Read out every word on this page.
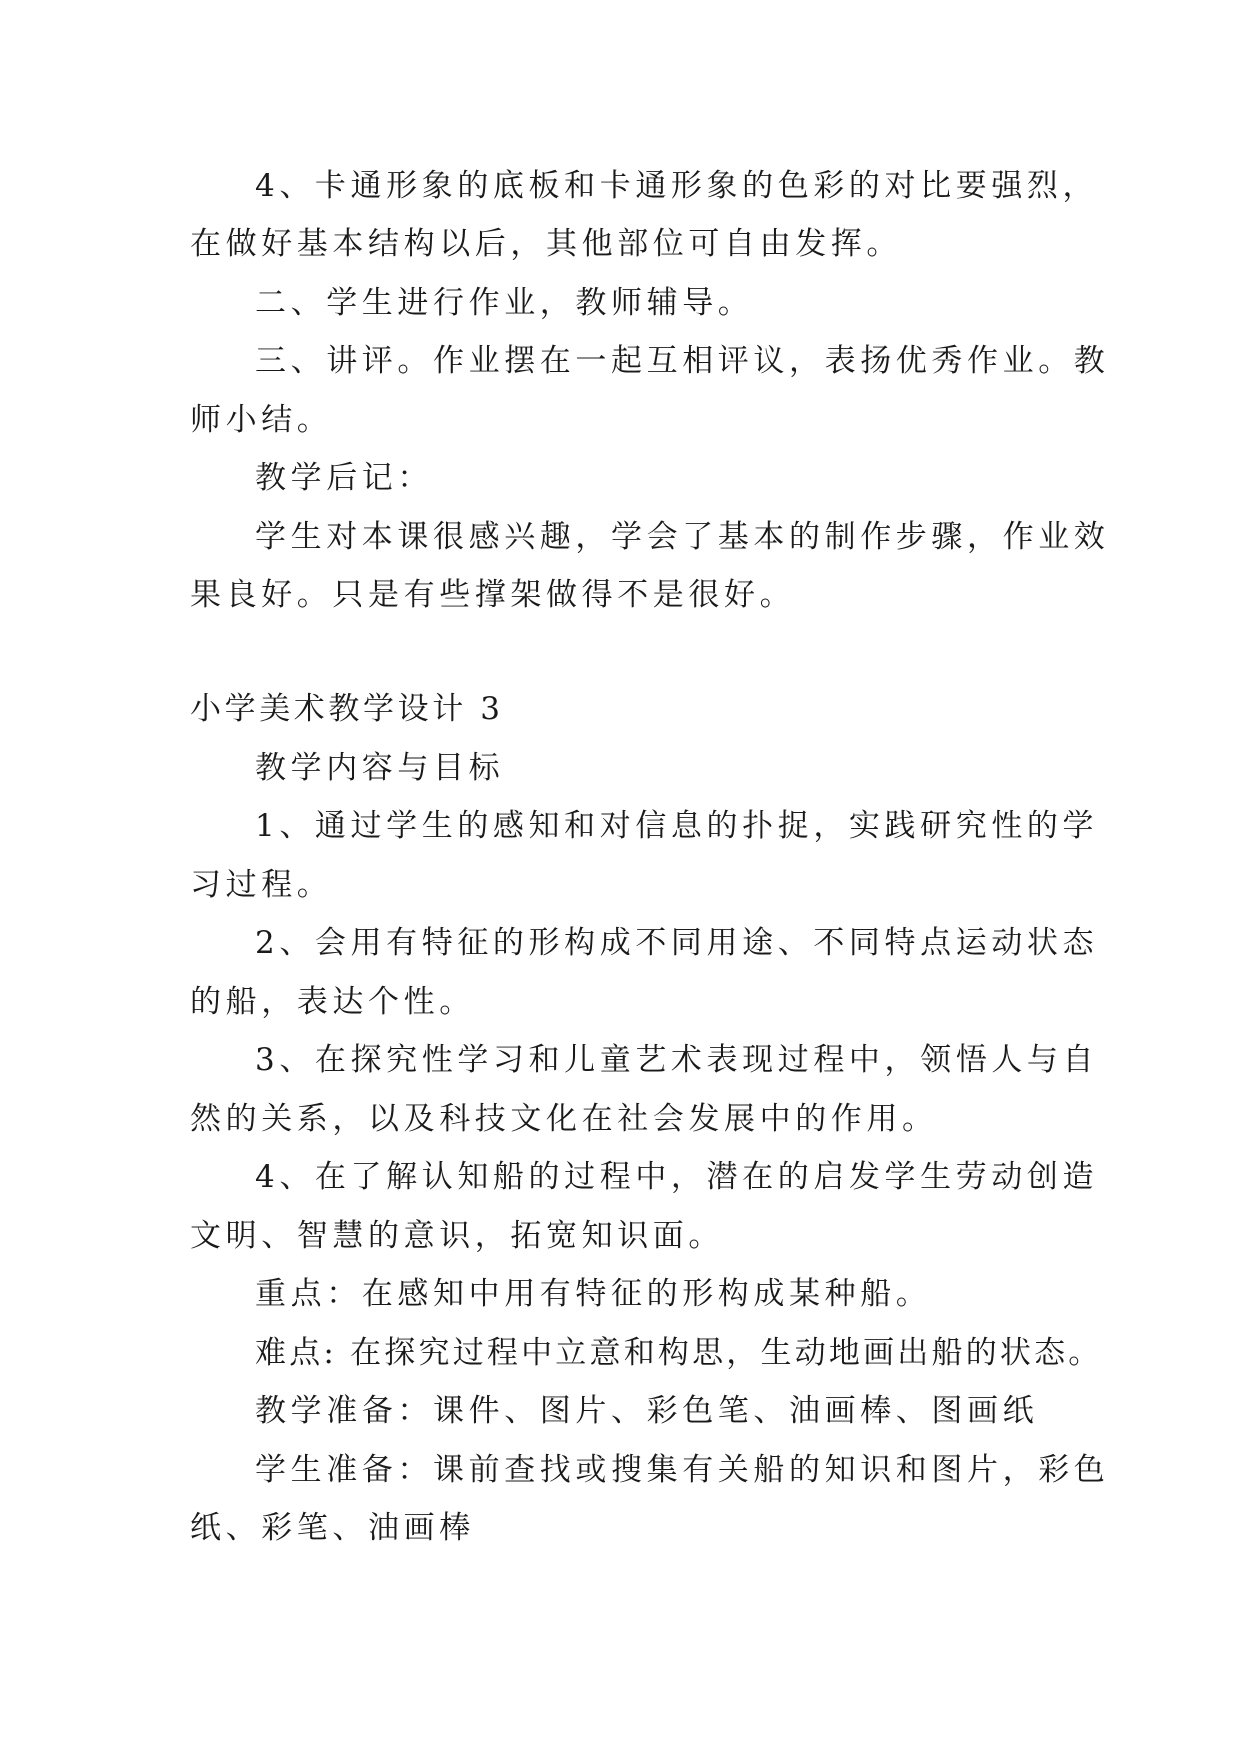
4、卡通形象的底板和卡通形象的色彩的对比要强烈，

在做好基本结构以后，其他部位可自由发挥。

二、学生进行作业，教师辅导。

三、讲评。作业摆在一起互相评议，表扬优秀作业。教

师小结。

教学后记：

学生对本课很感兴趣，学会了基本的制作步骤，作业效

果良好。只是有些撑架做得不是很好。

小学美术教学设计 3

教学内容与目标

1、通过学生的感知和对信息的扑捉，实践研究性的学

习过程。

2、会用有特征的形构成不同用途、不同特点运动状态

的船，表达个性。

3、在探究性学习和儿童艺术表现过程中，领悟人与自

然的关系，以及科技文化在社会发展中的作用。

4、在了解认知船的过程中，潜在的启发学生劳动创造

文明、智慧的意识，拓宽知识面。

重点：在感知中用有特征的形构成某种船。

难点: 在探究过程中立意和构思，生动地画出船的状态。

教学准备：课件、图片、彩色笔、油画棒、图画纸

学生准备：课前查找或搜集有关船的知识和图片，彩色

纸、彩笔、油画棒
